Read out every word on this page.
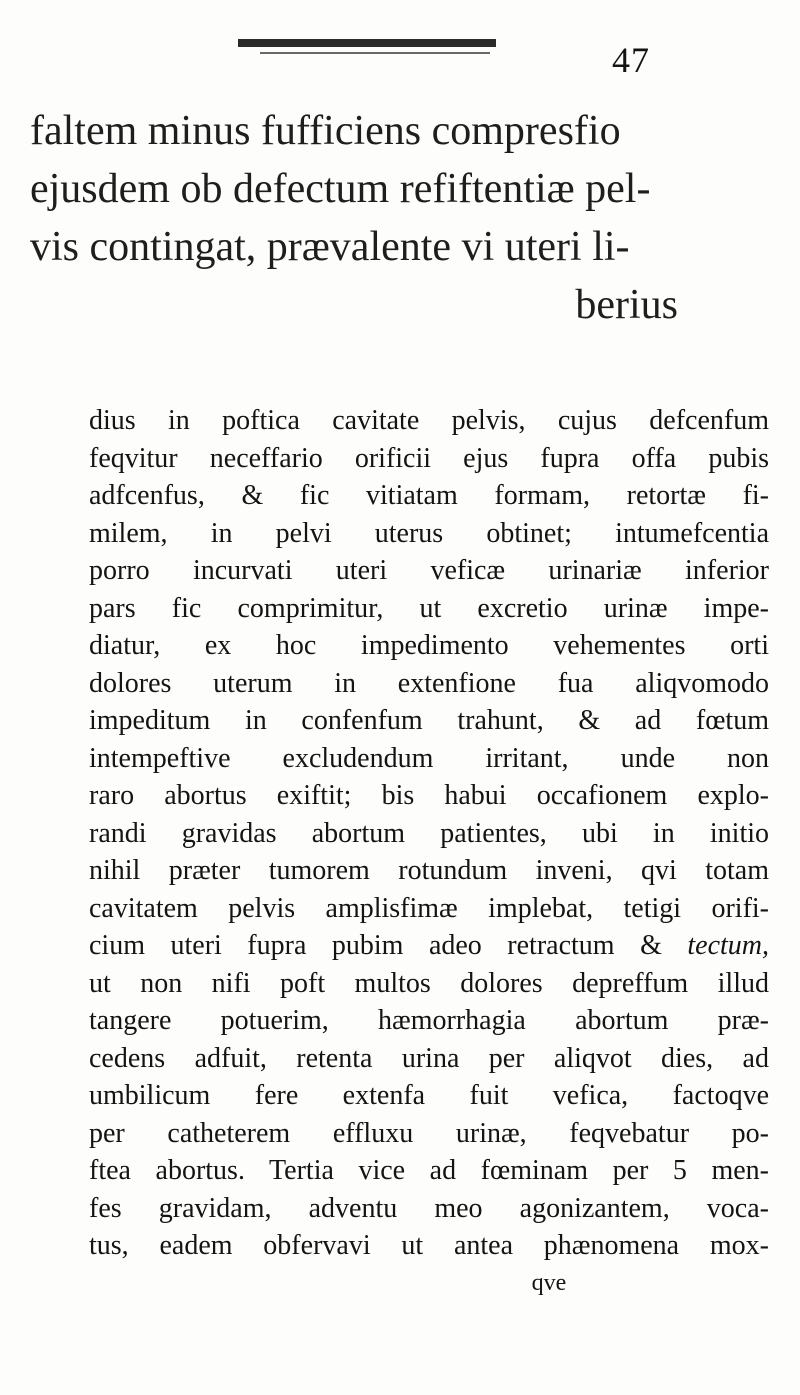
47
faltem minus fufficiens compresfio
ejusdem ob defectum refiftentiæ pel-
vis contingat, prævalente vi uteri li-
berius
dius in poftica cavitate pelvis, cujus defcenfum
feqvitur neceffario orificii ejus fupra offa pubis
adfcenfus, & fic vitiatam formam, retortæ fi-
milem, in pelvi uterus obtinet; intumefcentia
porro incurvati uteri veficæ urinariæ inferior
pars fic comprimitur, ut excretio urinæ impe-
diatur, ex hoc impedimento vehementes orti
dolores uterum in extenfione fua aliqvomodo
impeditum in confenfum trahunt, & ad fœtum
intempeftive excludendum irritant, unde non
raro abortus exiftit; bis habui occafionem explo-
randi gravidas abortum patientes, ubi in initio
nihil præter tumorem rotundum inveni, qvi totam
cavitatem pelvis amplisfimæ implebat, tetigi orifi-
cium uteri fupra pubim adeo retractum & tectum,
ut non nifi poft multos dolores depreffum illud
tangere potuerim, hæmorrhagia abortum præ-
cedens adfuit, retenta urina per aliqvot dies, ad
umbilicum fere extenfa fuit vefica, factoqve
per catheterem effluxu urinæ, feqvebatur po-
ftea abortus. Tertia vice ad fœminam per 5 men-
fes gravidam, adventu meo agonizantem, voca-
tus, eadem obfervavi ut antea phænomena mox-
qve
